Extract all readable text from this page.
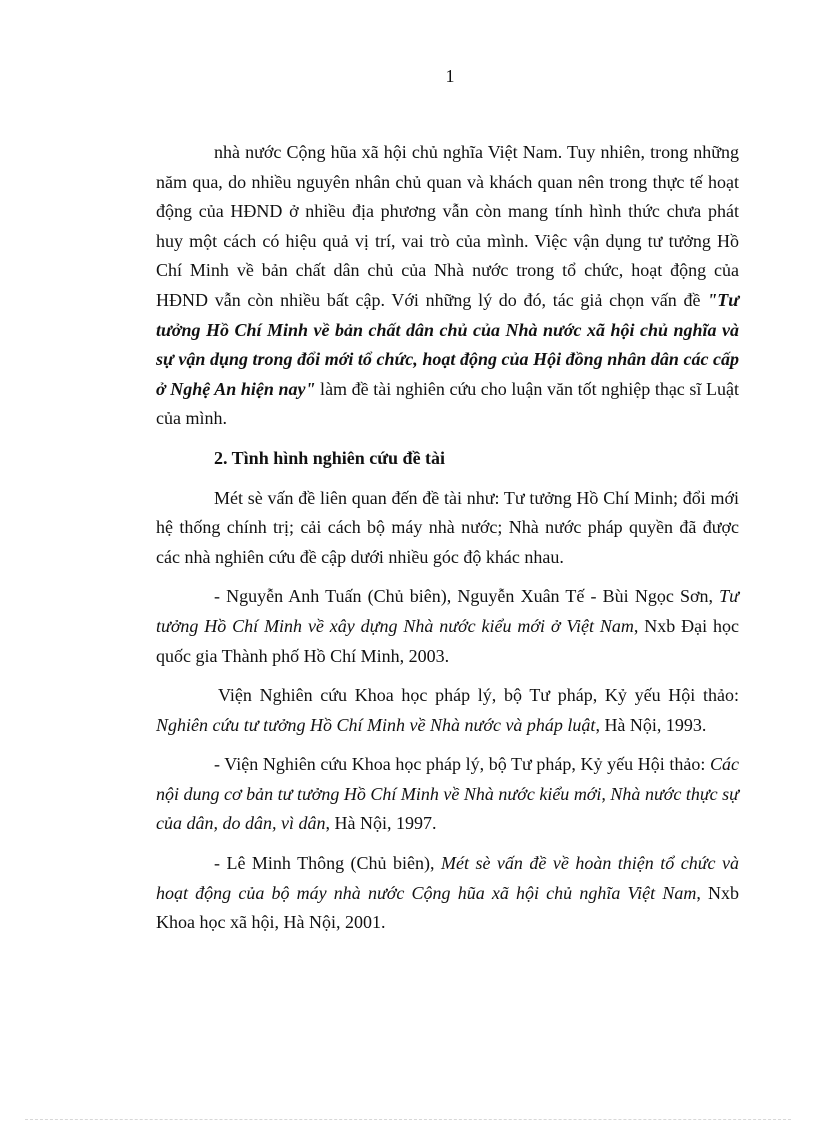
1

nhà nước Cộng hũa xã hội chủ nghĩa Việt Nam. Tuy nhiên, trong những năm qua, do nhiều nguyên nhân chủ quan và khách quan nên trong thực tế hoạt động của HĐND ở nhiều địa phương vẫn còn mang tính hình thức chưa phát huy một cách có hiệu quả vị trí, vai trò của mình. Việc vận dụng tư tưởng Hồ Chí Minh về bản chất dân chủ của Nhà nước trong tổ chức, hoạt động của HĐND vẫn còn nhiều bất cập. Với những lý do đó, tác giả chọn vấn đề "Tư tưởng Hồ Chí Minh về bản chất dân chủ của Nhà nước xã hội chủ nghĩa và sự vận dụng trong đổi mới tổ chức, hoạt động của Hội đồng nhân dân các cấp ở Nghệ An hiện nay" làm đề tài nghiên cứu cho luận văn tốt nghiệp thạc sĩ Luật của mình.

2. Tình hình nghiên cứu đề tài

Mét sè vấn đề liên quan đến đề tài như: Tư tưởng Hồ Chí Minh; đổi mới hệ thống chính trị; cải cách bộ máy nhà nước; Nhà nước pháp quyền đã được các nhà nghiên cứu đề cập dưới nhiều góc độ khác nhau.

- Nguyễn Anh Tuấn (Chủ biên), Nguyễn Xuân Tế - Bùi Ngọc Sơn, Tư tưởng Hồ Chí Minh về xây dựng Nhà nước kiểu mới ở Việt Nam, Nxb Đại học quốc gia Thành phố Hồ Chí Minh, 2003.

Viện Nghiên cứu Khoa học pháp lý, bộ Tư pháp, Kỷ yếu Hội thảo: Nghiên cứu tư tưởng Hồ Chí Minh về Nhà nước và pháp luật, Hà Nội, 1993.

- Viện Nghiên cứu Khoa học pháp lý, bộ Tư pháp, Kỷ yếu Hội thảo: Các nội dung cơ bản tư tưởng Hồ Chí Minh về Nhà nước kiểu mới, Nhà nước thực sự của dân, do dân, vì dân, Hà Nội, 1997.

- Lê Minh Thông (Chủ biên), Mét sè vấn đề về hoàn thiện tổ chức và hoạt động của bộ máy nhà nước Cộng hũa xã hội chủ nghĩa Việt Nam, Nxb Khoa học xã hội, Hà Nội, 2001.
